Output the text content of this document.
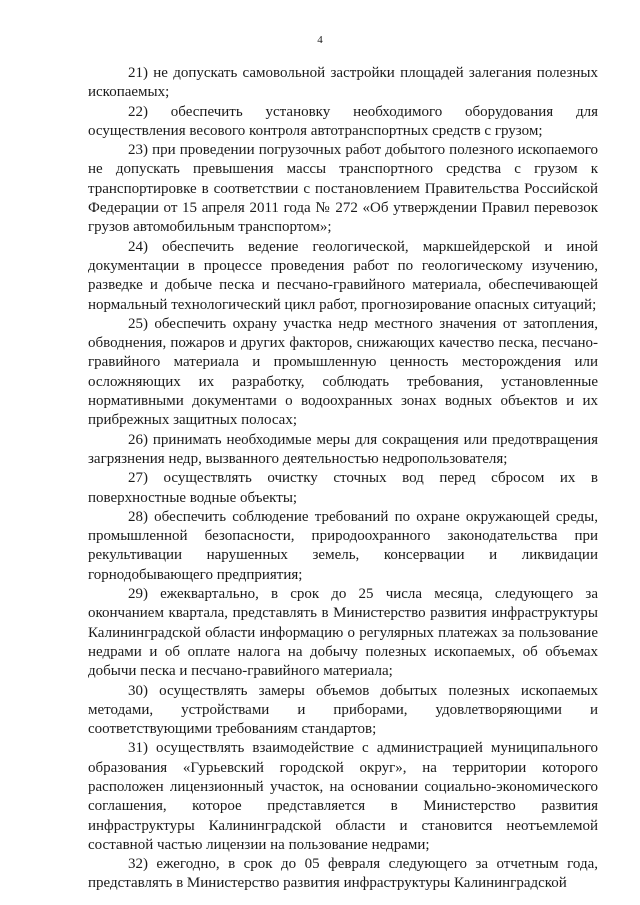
4

21) не допускать самовольной застройки площадей залегания полезных ископаемых;

22) обеспечить установку необходимого оборудования для осуществления весового контроля автотранспортных средств с грузом;

23) при проведении погрузочных работ добытого полезного ископаемого не допускать превышения массы транспортного средства с грузом к транспортировке в соответствии с постановлением Правительства Российской Федерации от 15 апреля 2011 года № 272 «Об утверждении Правил перевозок грузов автомобильным транспортом»;

24) обеспечить ведение геологической, маркшейдерской и иной документации в процессе проведения работ по геологическому изучению, разведке и добыче песка и песчано-гравийного материала, обеспечивающей нормальный технологический цикл работ, прогнозирование опасных ситуаций;

25) обеспечить охрану участка недр местного значения от затопления, обводнения, пожаров и других факторов, снижающих качество песка, песчано-гравийного материала и промышленную ценность месторождения или осложняющих их разработку, соблюдать требования, установленные нормативными документами о водоохранных зонах водных объектов и их прибрежных защитных полосах;

26) принимать необходимые меры для сокращения или предотвращения загрязнения недр, вызванного деятельностью недропользователя;

27) осуществлять очистку сточных вод перед сбросом их в поверхностные водные объекты;

28) обеспечить соблюдение требований по охране окружающей среды, промышленной безопасности, природоохранного законодательства при рекультивации нарушенных земель, консервации и ликвидации горнодобывающего предприятия;

29) ежеквартально, в срок до 25 числа месяца, следующего за окончанием квартала, представлять в Министерство развития инфраструктуры Калининградской области информацию о регулярных платежах за пользование недрами и об оплате налога на добычу полезных ископаемых, об объемах добычи песка и песчано-гравийного материала;

30) осуществлять замеры объемов добытых полезных ископаемых методами, устройствами и приборами, удовлетворяющими и соответствующими требованиям стандартов;

31) осуществлять взаимодействие с администрацией муниципального образования «Гурьевский городской округ», на территории которого расположен лицензионный участок, на основании социально-экономического соглашения, которое представляется в Министерство развития инфраструктуры Калининградской области и становится неотъемлемой составной частью лицензии на пользование недрами;

32) ежегодно, в срок до 05 февраля следующего за отчетным года, представлять в Министерство развития инфраструктуры Калининградской
